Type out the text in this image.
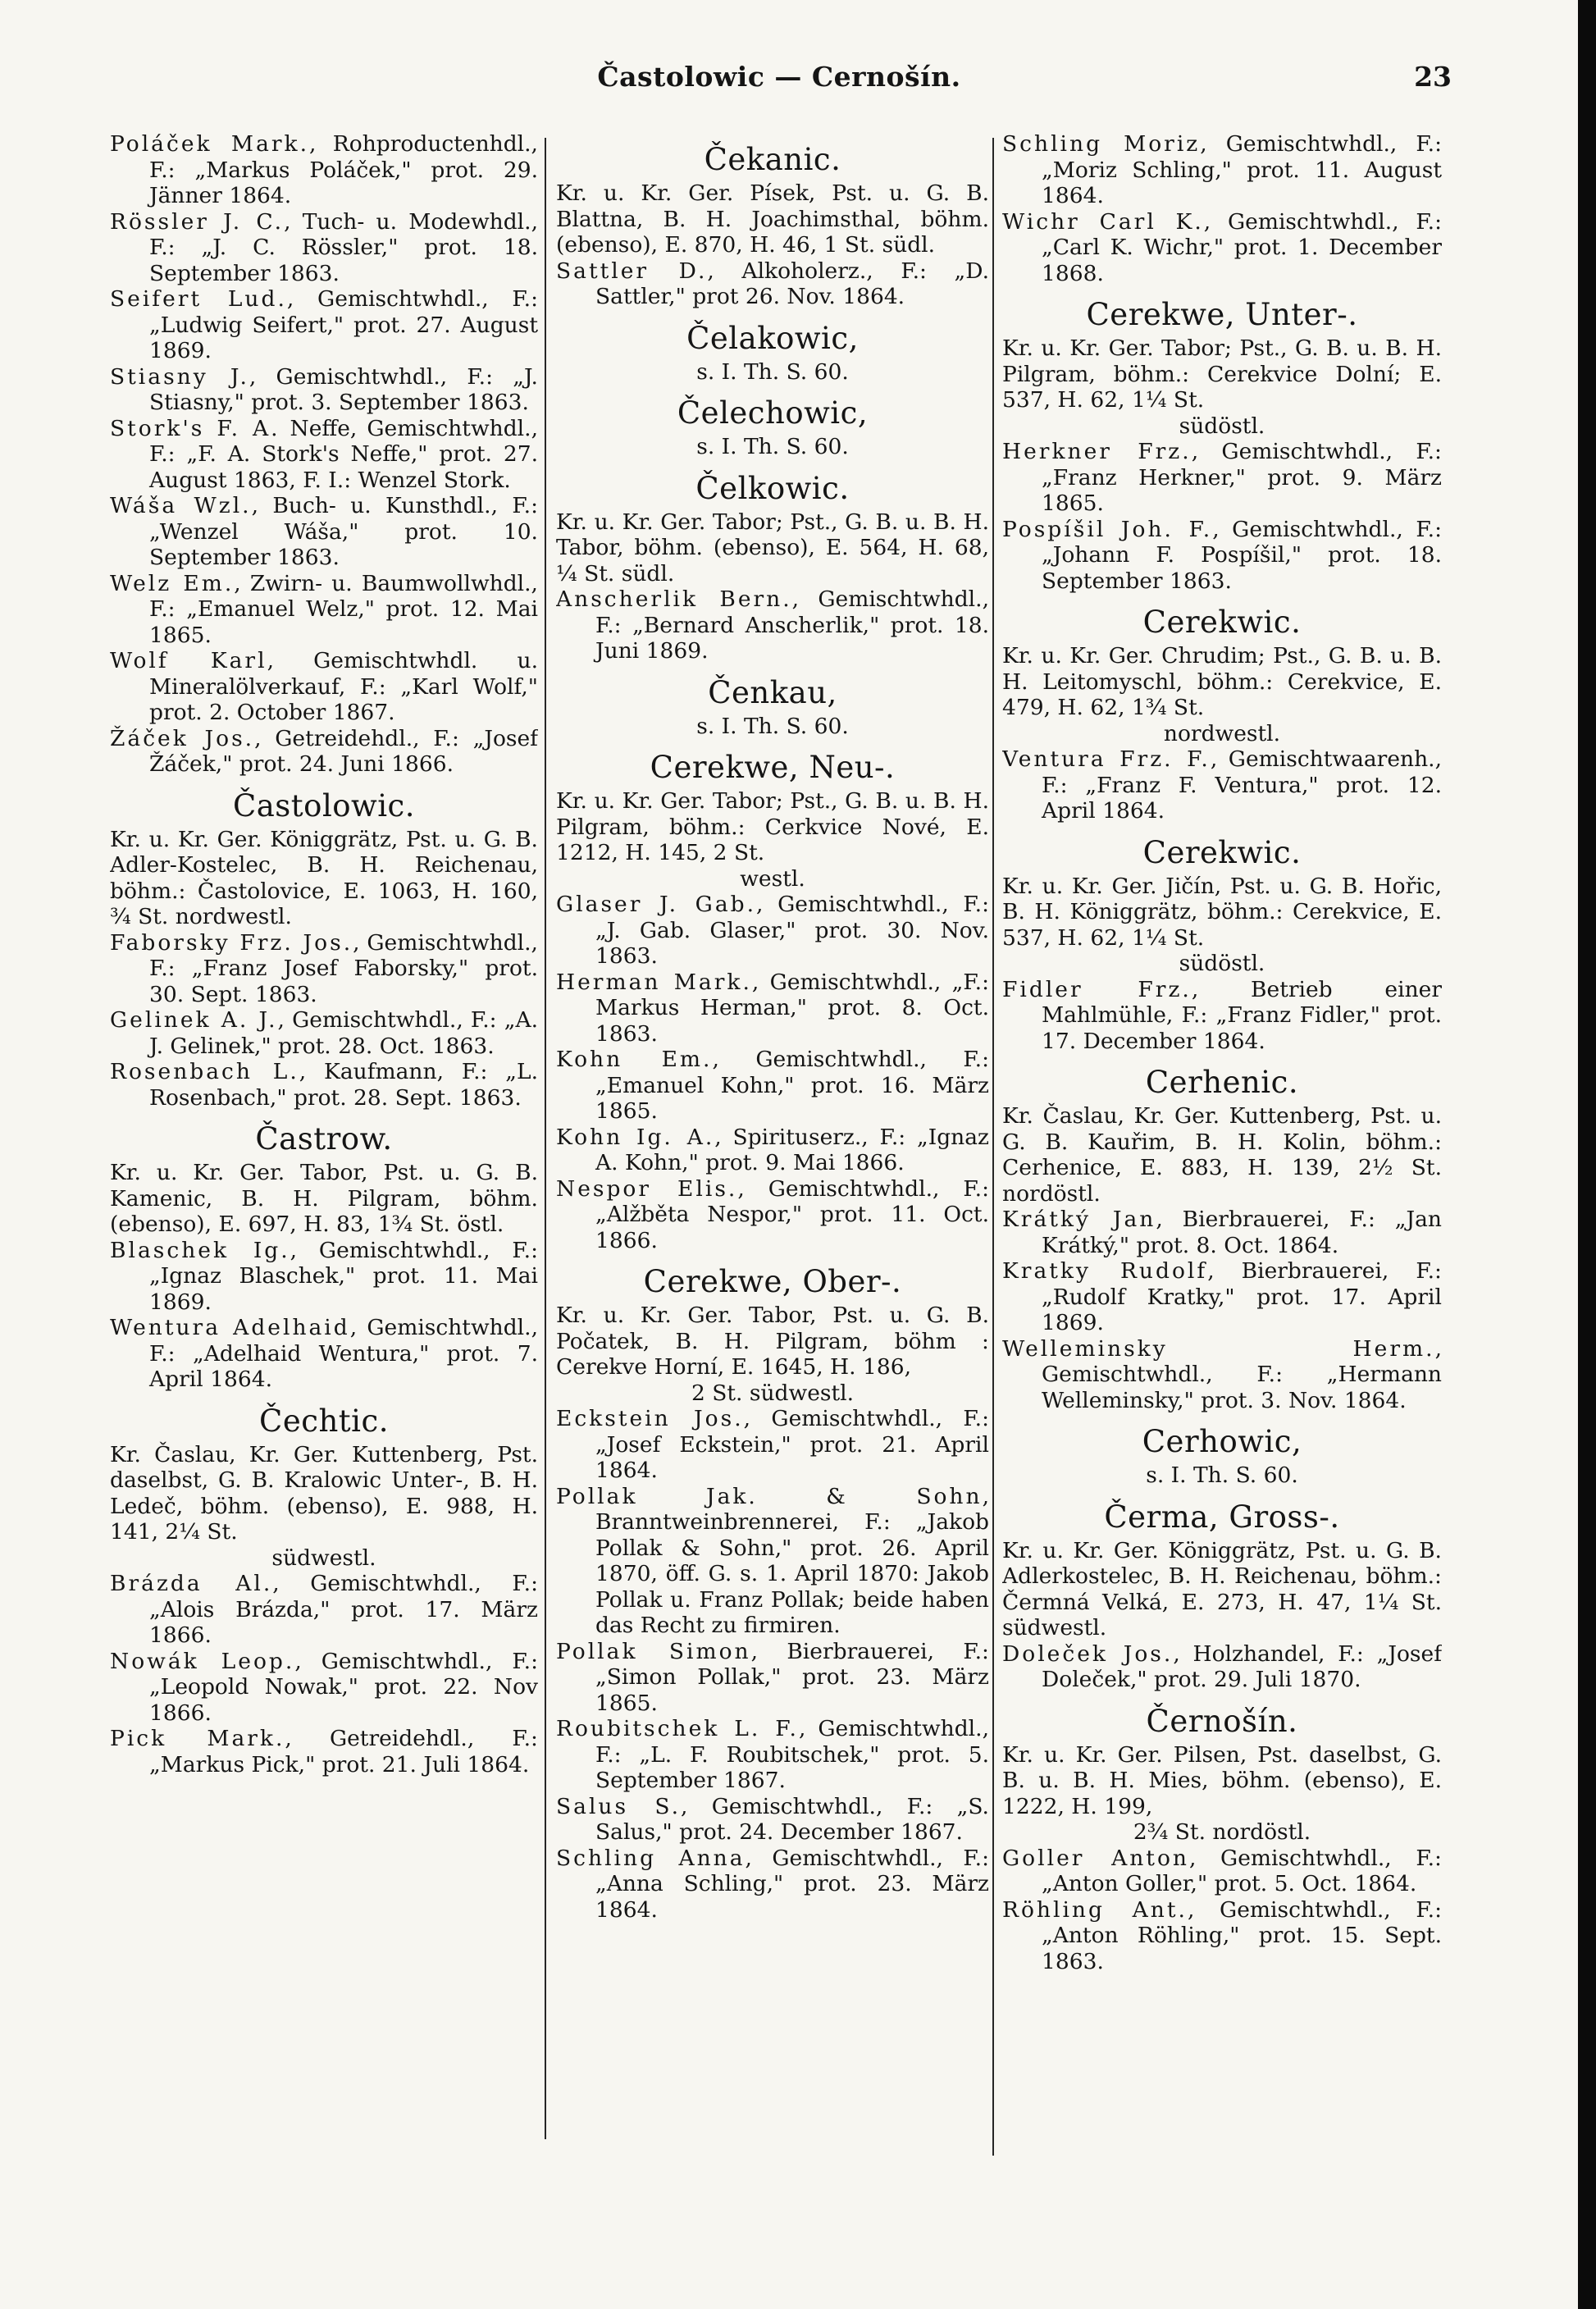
Častolowic — Cernošín.	23

Poláček Mark., Rohproductenhdl., F.: „Markus Poláček," prot. 29. Jänner 1864.

Rössler J. C., Tuch- u. Modewhdl., F.: „J. C. Rössler," prot. 18. September 1863.

Seifert Lud., Gemischtwhdl., F.: „Ludwig Seifert," prot. 27. August 1869.

Stiasny J., Gemischtwhdl., F.: „J. Stiasny," prot. 3. September 1863.

Stork's F. A. Neffe, Gemischtwhdl., F.: „F. A. Stork's Neffe," prot. 27. August 1863, F. I.: Wenzel Stork.

Wáša Wzl., Buch- u. Kunsthdl., F.: „Wenzel Wáša," prot. 10. September 1863.

Welz Em., Zwirn- u. Baumwollwhdl., F.: „Emanuel Welz," prot. 12. Mai 1865.

Wolf Karl, Gemischtwhdl. u. Mineralölverkauf, F.: „Karl Wolf," prot. 2. October 1867.

Žáček Jos., Getreidehdl., F.: „Josef Žáček," prot. 24. Juni 1866.

Častolowic.

Kr. u. Kr. Ger. Königgrätz, Pst. u. G. B. Adler-Kostelec, B. H. Reichenau, böhm.: Častolovice, E. 1063, H. 160, ¾ St. nordwestl.

Faborsky Frz. Jos., Gemischtwhdl., F.: „Franz Josef Faborsky," prot. 30. Sept. 1863.

Gelinek A. J., Gemischtwhdl., F.: „A. J. Gelinek," prot. 28. Oct. 1863.

Rosenbach L., Kaufmann, F.: „L. Rosenbach," prot. 28. Sept. 1863.

Častrow.

Kr. u. Kr. Ger. Tabor, Pst. u. G. B. Kamenic, B. H. Pilgram, böhm. (ebenso), E. 697, H. 83, 1¾ St. östl.

Blaschek Ig., Gemischtwhdl., F.: „Ignaz Blaschek," prot. 11. Mai 1869.

Wentura Adelhaid, Gemischtwhdl., F.: „Adelhaid Wentura," prot. 7. April 1864.

Čechtic.

Kr. Časlau, Kr. Ger. Kuttenberg, Pst. daselbst, G. B. Kralowic Unter-, B. H. Ledeč, böhm. (ebenso), E. 988, H. 141, 2¼ St.
südwestl.

Brázda Al., Gemischtwhdl., F.: „Alois Brázda," prot. 17. März 1866.

Nowák Leop., Gemischtwhdl., F.: „Leopold Nowak," prot. 22. Nov 1866.

Pick Mark., Getreidehdl., F.: „Markus Pick," prot. 21. Juli 1864.

Čekanic.

Kr. u. Kr. Ger. Písek, Pst. u. G. B. Blattna, B. H. Joachimsthal, böhm. (ebenso), E. 870, H. 46, 1 St. südl.

Sattler D., Alkoholerz., F.: „D. Sattler," prot 26. Nov. 1864.

Čelakowic,

s. I. Th. S. 60.

Čelechowic,

s. I. Th. S. 60.

Čelkowic.

Kr. u. Kr. Ger. Tabor; Pst., G. B. u. B. H. Tabor, böhm. (ebenso), E. 564, H. 68, ¼ St. südl.

Anscherlik Bern., Gemischtwhdl., F.: „Bernard Anscherlik," prot. 18. Juni 1869.

Čenkau,

s. I. Th. S. 60.

Cerekwe, Neu-.

Kr. u. Kr. Ger. Tabor; Pst., G. B. u. B. H. Pilgram, böhm.: Cerkvice Nové, E. 1212, H. 145, 2 St.
westl.

Glaser J. Gab., Gemischtwhdl., F.: „J. Gab. Glaser," prot. 30. Nov. 1863.

Herman Mark., Gemischtwhdl., „F.: Markus Herman," prot. 8. Oct. 1863.

Kohn Em., Gemischtwhdl., F.: „Emanuel Kohn," prot. 16. März 1865.

Kohn Ig. A., Spirituserz., F.: „Ignaz A. Kohn," prot. 9. Mai 1866.

Nespor Elis., Gemischtwhdl., F.: „Alžběta Nespor," prot. 11. Oct. 1866.

Cerekwe, Ober-.

Kr. u. Kr. Ger. Tabor, Pst. u. G. B. Počatek, B. H. Pilgram, böhm : Cerekve Horní, E. 1645, H. 186,
2 St. südwestl.

Eckstein Jos., Gemischtwhdl., F.: „Josef Eckstein," prot. 21. April 1864.

Pollak Jak. & Sohn, Branntweinbrennerei, F.: „Jakob Pollak & Sohn," prot. 26. April 1870, öff. G. s. 1. April 1870: Jakob Pollak u. Franz Pollak; beide haben das Recht zu firmiren.

Pollak Simon, Bierbrauerei, F.: „Simon Pollak," prot. 23. März 1865.

Roubitschek L. F., Gemischtwhdl., F.: „L. F. Roubitschek," prot. 5. September 1867.

Salus S., Gemischtwhdl., F.: „S. Salus," prot. 24. December 1867.

Schling Anna, Gemischtwhdl., F.: „Anna Schling," prot. 23. März 1864.

Schling Moriz, Gemischtwhdl., F.: „Moriz Schling," prot. 11. August 1864.

Wichr Carl K., Gemischtwhdl., F.: „Carl K. Wichr," prot. 1. December 1868.

Cerekwe, Unter-.

Kr. u. Kr. Ger. Tabor; Pst., G. B. u. B. H. Pilgram, böhm.: Cerekvice Dolní; E. 537, H. 62, 1¼ St.
südöstl.

Herkner Frz., Gemischtwhdl., F.: „Franz Herkner," prot. 9. März 1865.

Pospíšil Joh. F., Gemischtwhdl., F.: „Johann F. Pospíšil," prot. 18. September 1863.

Cerekwic.

Kr. u. Kr. Ger. Chrudim; Pst., G. B. u. B. H. Leitomyschl, böhm.: Cerekvice, E. 479, H. 62, 1¾ St.
nordwestl.

Ventura Frz. F., Gemischtwaarenh., F.: „Franz F. Ventura," prot. 12. April 1864.

Cerekwic.

Kr. u. Kr. Ger. Jičín, Pst. u. G. B. Hořic, B. H. Königgrätz, böhm.: Cerekvice, E. 537, H. 62, 1¼ St.
südöstl.

Fidler Frz., Betrieb einer Mahlmühle, F.: „Franz Fidler," prot. 17. December 1864.

Cerhenic.

Kr. Časlau, Kr. Ger. Kuttenberg, Pst. u. G. B. Kauřim, B. H. Kolin, böhm.: Cerhenice, E. 883, H. 139, 2½ St. nordöstl.

Krátký Jan, Bierbrauerei, F.: „Jan Krátký," prot. 8. Oct. 1864.

Kratky Rudolf, Bierbrauerei, F.: „Rudolf Kratky," prot. 17. April 1869.

Welleminsky Herm., Gemischtwhdl., F.: „Hermann Welleminsky," prot. 3. Nov. 1864.

Cerhowic,

s. I. Th. S. 60.

Čerma, Gross-.

Kr. u. Kr. Ger. Königgrätz, Pst. u. G. B. Adlerkostelec, B. H. Reichenau, böhm.: Čermná Velká, E. 273, H. 47, 1¼ St. südwestl.

Doleček Jos., Holzhandel, F.: „Josef Doleček," prot. 29. Juli 1870.

Černošín.

Kr. u. Kr. Ger. Pilsen, Pst. daselbst, G. B. u. B. H. Mies, böhm. (ebenso), E. 1222, H. 199,
2¾ St. nordöstl.

Goller Anton, Gemischtwhdl., F.: „Anton Goller," prot. 5. Oct. 1864.

Röhling Ant., Gemischtwhdl., F.: „Anton Röhling," prot. 15. Sept. 1863.
